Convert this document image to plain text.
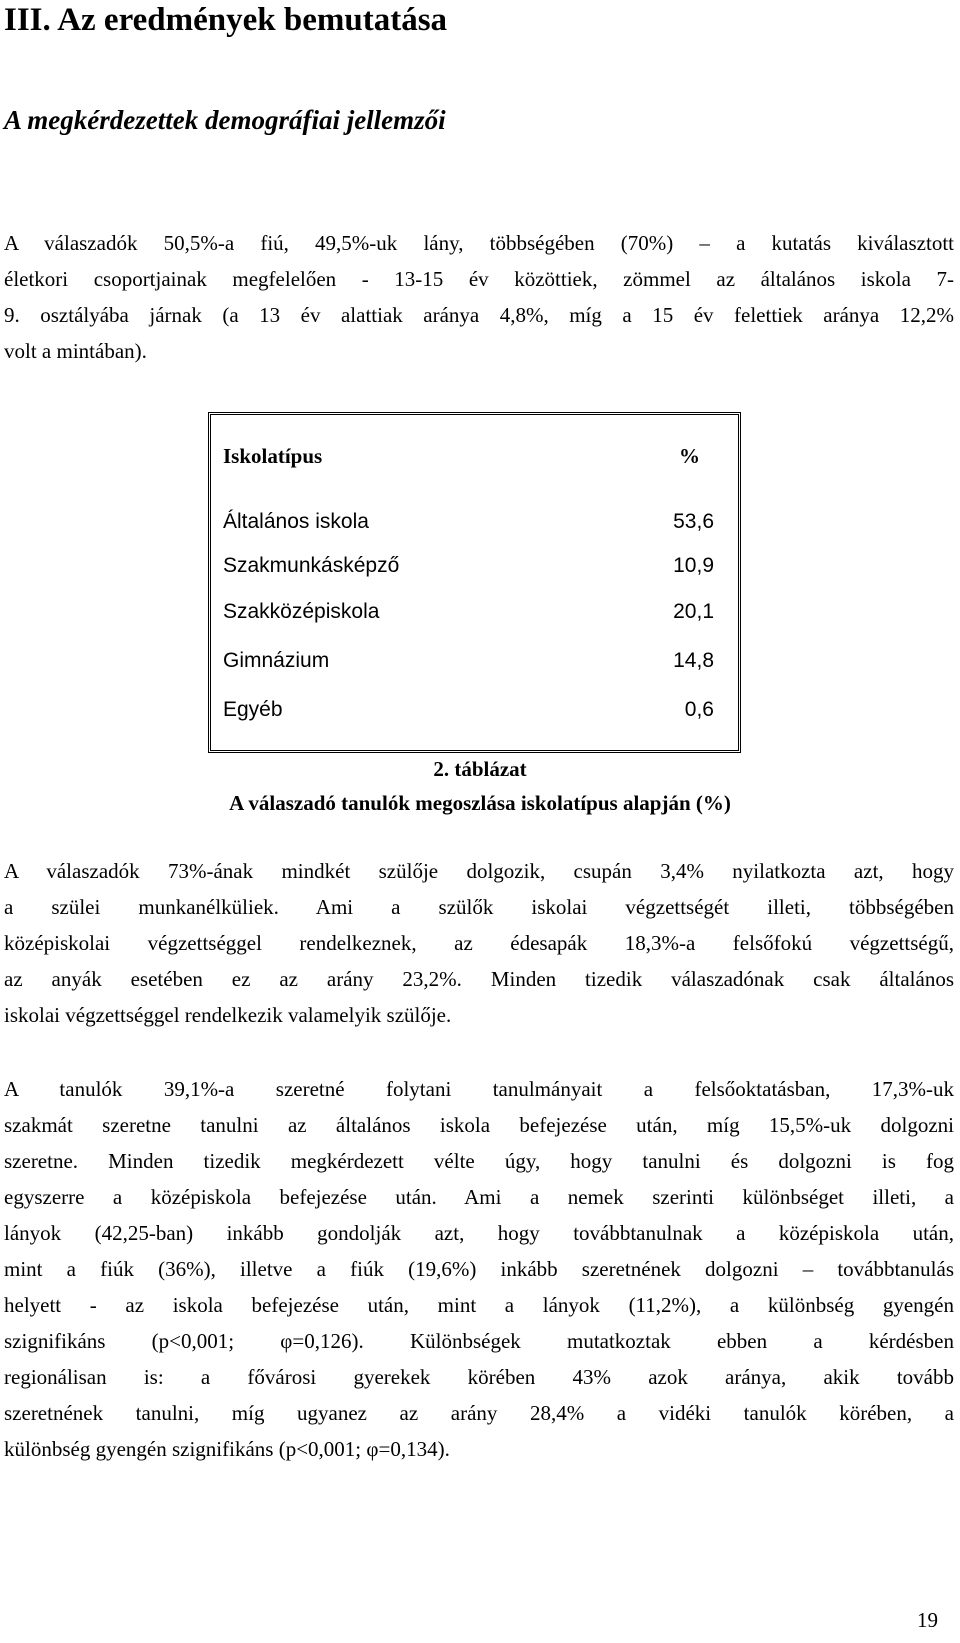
III. Az eredmények bemutatása
A megkérdezettek demográfiai jellemzői
A válaszadók 50,5%-a fiú, 49,5%-uk lány, többségében (70%) – a kutatás kiválasztott
életkori csoportjainak megfelelően - 13-15 év közöttiek, zömmel az általános iskola 7-
9. osztályába járnak (a 13 év alattiak aránya 4,8%, míg a 15 év felettiek aránya 12,2%
volt a mintában).
Iskolatípus	%
Általános iskola	53,6
Szakmunkásképző	10,9
Szakközépiskola	20,1
Gimnázium	14,8
Egyéb	0,6
2. táblázat
A válaszadó tanulók megoszlása iskolatípus alapján (%)
A válaszadók 73%-ának mindkét szülője dolgozik, csupán 3,4% nyilatkozta azt, hogy
a szülei munkanélküliek. Ami a szülők iskolai végzettségét illeti, többségében
középiskolai végzettséggel rendelkeznek, az édesapák 18,3%-a felsőfokú végzettségű,
az anyák esetében ez az arány 23,2%. Minden tizedik válaszadónak csak általános
iskolai végzettséggel rendelkezik valamelyik szülője.
A tanulók 39,1%-a szeretné folytani tanulmányait a felsőoktatásban, 17,3%-uk
szakmát szeretne tanulni az általános iskola befejezése után, míg 15,5%-uk dolgozni
szeretne. Minden tizedik megkérdezett vélte úgy, hogy tanulni és dolgozni is fog
egyszerre a középiskola befejezése után. Ami a nemek szerinti különbséget illeti, a
lányok (42,25-ban) inkább gondolják azt, hogy továbbtanulnak a középiskola után,
mint a fiúk (36%), illetve a fiúk (19,6%) inkább szeretnének dolgozni – továbbtanulás
helyett - az iskola befejezése után, mint a lányok (11,2%), a különbség gyengén
szignifikáns (p<0,001; φ=0,126). Különbségek mutatkoztak ebben a kérdésben
regionálisan is: a fővárosi gyerekek körében 43% azok aránya, akik tovább
szeretnének tanulni, míg ugyanez az arány 28,4% a vidéki tanulók körében, a
különbség gyengén szignifikáns (p<0,001; φ=0,134).
19
